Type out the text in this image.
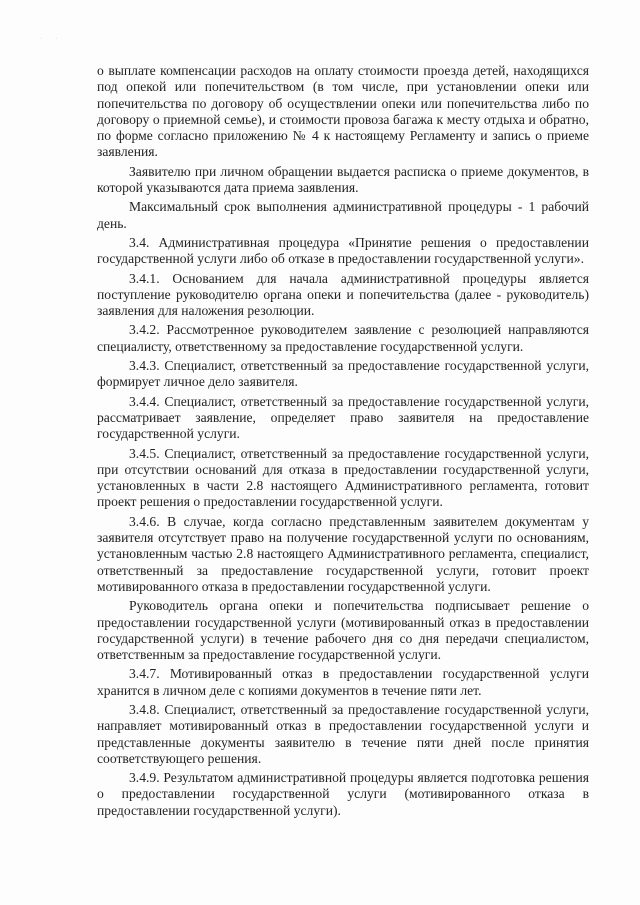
· ·

о выплате компенсации расходов на оплату стоимости проезда детей, находящихся под опекой или попечительством (в том числе, при установлении опеки или попечительства по договору об осуществлении опеки или попечительства либо по договору о приемной семье), и стоимости провоза багажа к месту отдыха и обратно, по форме согласно приложению № 4 к настоящему Регламенту и запись о приеме заявления.

Заявителю при личном обращении выдается расписка о приеме документов, в которой указываются дата приема заявления.

Максимальный срок выполнения административной процедуры - 1 рабочий день.

3.4. Административная процедура «Принятие решения о предоставлении государственной услуги либо об отказе в предоставлении государственной услуги».

3.4.1. Основанием для начала административной процедуры является поступление руководителю органа опеки и попечительства (далее - руководитель) заявления для наложения резолюции.

3.4.2. Рассмотренное руководителем заявление с резолюцией направляются специалисту, ответственному за предоставление государственной услуги.

3.4.3. Специалист, ответственный за предоставление государственной услуги, формирует личное дело заявителя.

3.4.4. Специалист, ответственный за предоставление государственной услуги, рассматривает заявление, определяет право заявителя на предоставление государственной услуги.

3.4.5. Специалист, ответственный за предоставление государственной услуги, при отсутствии оснований для отказа в предоставлении государственной услуги, установленных в части 2.8 настоящего Административного регламента, готовит проект решения о предоставлении государственной услуги.

3.4.6. В случае, когда согласно представленным заявителем документам у заявителя отсутствует право на получение государственной услуги по основаниям, установленным частью 2.8 настоящего Административного регламента, специалист, ответственный за предоставление государственной услуги, готовит проект мотивированного отказа в предоставлении государственной услуги.

Руководитель органа опеки и попечительства подписывает решение о предоставлении государственной услуги (мотивированный отказ в предоставлении государственной услуги) в течение рабочего дня со дня передачи специалистом, ответственным за предоставление государственной услуги.

3.4.7. Мотивированный отказ в предоставлении государственной услуги хранится в личном деле с копиями документов в течение пяти лет.

3.4.8. Специалист, ответственный за предоставление государственной услуги, направляет мотивированный отказ в предоставлении государственной услуги и представленные документы заявителю в течение пяти дней после принятия соответствующего решения.

3.4.9. Результатом административной процедуры является подготовка решения о предоставлении государственной услуги (мотивированного отказа в предоставлении государственной услуги).
